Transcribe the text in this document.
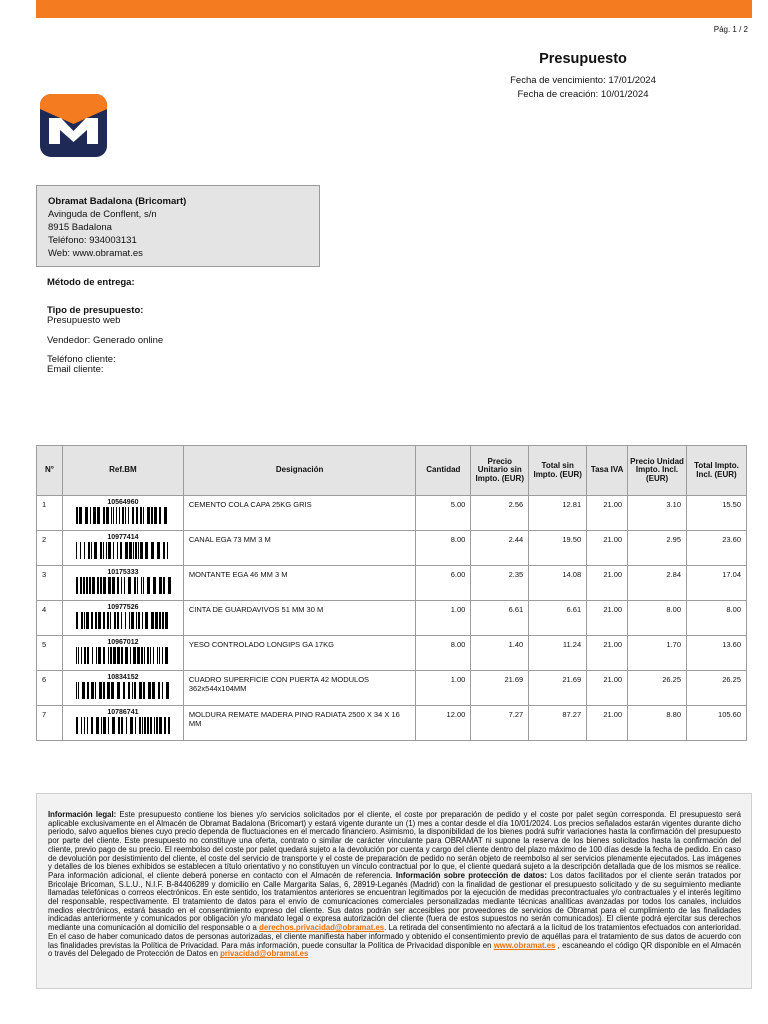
Pág. 1 / 2
Presupuesto
Fecha de vencimiento: 17/01/2024
Fecha de creación: 10/01/2024
Obramat Badalona (Bricomart)
Avinguda de Conflent, s/n
8915 Badalona
Teléfono: 934003131
Web: www.obramat.es
Método de entrega:
Tipo de presupuesto:
Presupuesto web
Vendedor: Generado online
Teléfono cliente:
Email cliente:
N°	Ref.BM	Designación	Cantidad	Precio Unitario sin Impto. (EUR)	Total sin Impto. (EUR)	Tasa IVA	Precio Unidad Impto. Incl. (EUR)	Total Impto. Incl. (EUR)
1	10564960	CEMENTO COLA CAPA 25KG GRIS	5.00	2.56	12.81	21.00	3.10	15.50
2	10977414	CANAL EGA 73 MM 3 M	8.00	2.44	19.50	21.00	2.95	23.60
3	10175333	MONTANTE EGA 46 MM 3 M	6.00	2.35	14.08	21.00	2.84	17.04
4	10977526	CINTA DE GUARDAVIVOS 51 MM 30 M	1.00	6.61	6.61	21.00	8.00	8.00
5	10967012	YESO CONTROLADO LONGIPS GA 17KG	8.00	1.40	11.24	21.00	1.70	13.60
6	10834152	CUADRO SUPERFICIE CON PUERTA 42 MODULOS 362x544x104MM	1.00	21.69	21.69	21.00	26.25	26.25
7	10786741	MOLDURA REMATE MADERA PINO RADIATA 2500 X 34 X 16 MM	12.00	7.27	87.27	21.00	8.80	105.60
Información legal: Este presupuesto contiene los bienes y/o servicios solicitados por el cliente, el coste por preparación de pedido y el coste por palet según corresponda. El presupuesto será aplicable exclusivamente en el Almacén de Obramat Badalona (Bricomart) y estará vigente durante un (1) mes a contar desde el día 10/01/2024. Los precios señalados estarán vigentes durante dicho periodo, salvo aquellos bienes cuyo precio dependa de fluctuaciones en el mercado financiero. Asimismo, la disponibilidad de los bienes podrá sufrir variaciones hasta la confirmación del presupuesto por parte del cliente. Este presupuesto no constituye una oferta, contrato o similar de carácter vinculante para OBRAMAT ni supone la reserva de los bienes solicitados hasta la confirmación del cliente, previo pago de su precio. El reembolso del coste por palet quedará sujeto a la devolución por cuenta y cargo del cliente dentro del plazo máximo de 100 días desde la fecha de pedido. En caso de devolución por desistimiento del cliente, el coste del servicio de transporte y el coste de preparación de pedido no serán objeto de reembolso al ser servicios plenamente ejecutados. Las imágenes y detalles de los bienes exhibidos se establecen a título orientativo y no constituyen un vínculo contractual por lo que, el cliente quedará sujeto a la descripción detallada que de los mismos se realice. Para información adicional, el cliente deberá ponerse en contacto con el Almacén de referencia. Información sobre protección de datos: Los datos facilitados por el cliente serán tratados por Bricolaje Bricoman, S.L.U., N.I.F. B-84406289 y domicilio en Calle Margarita Salas, 6, 28919-Leganés (Madrid) con la finalidad de gestionar el presupuesto solicitado y de su seguimiento mediante llamadas telefónicas o correos electrónicos. En este sentido, los tratamientos anteriores se encuentran legitimados por la ejecución de medidas precontractuales y/o contractuales y el interés legítimo del responsable, respectivamente. El tratamiento de datos para el envío de comunicaciones comerciales personalizadas mediante técnicas analíticas avanzadas por todos los canales, incluidos medios electrónicos, estará basado en el consentimiento expreso del cliente. Sus datos podrán ser accesibles por proveedores de servicios de Obramat para el cumplimiento de las finalidades indicadas anteriormente y comunicados por obligación y/o mandato legal o expresa autorización del cliente (fuera de estos supuestos no serán comunicados). El cliente podrá ejercitar sus derechos mediante una comunicación al domicilio del responsable o a derechos.privacidad@obramat.es. La retirada del consentimiento no afectará a la licitud de los tratamientos efectuados con anterioridad. En el caso de haber comunicado datos de personas autorizadas, el cliente manifiesta haber informado y obtenido el consentimiento previo de aquéllas para el tratamiento de sus datos de acuerdo con las finalidades previstas la Política de Privacidad. Para más información, puede consultar la Política de Privacidad disponible en www.obramat.es , escaneando el código QR disponible en el Almacén o través del Delegado de Protección de Datos en privacidad@obramat.es
